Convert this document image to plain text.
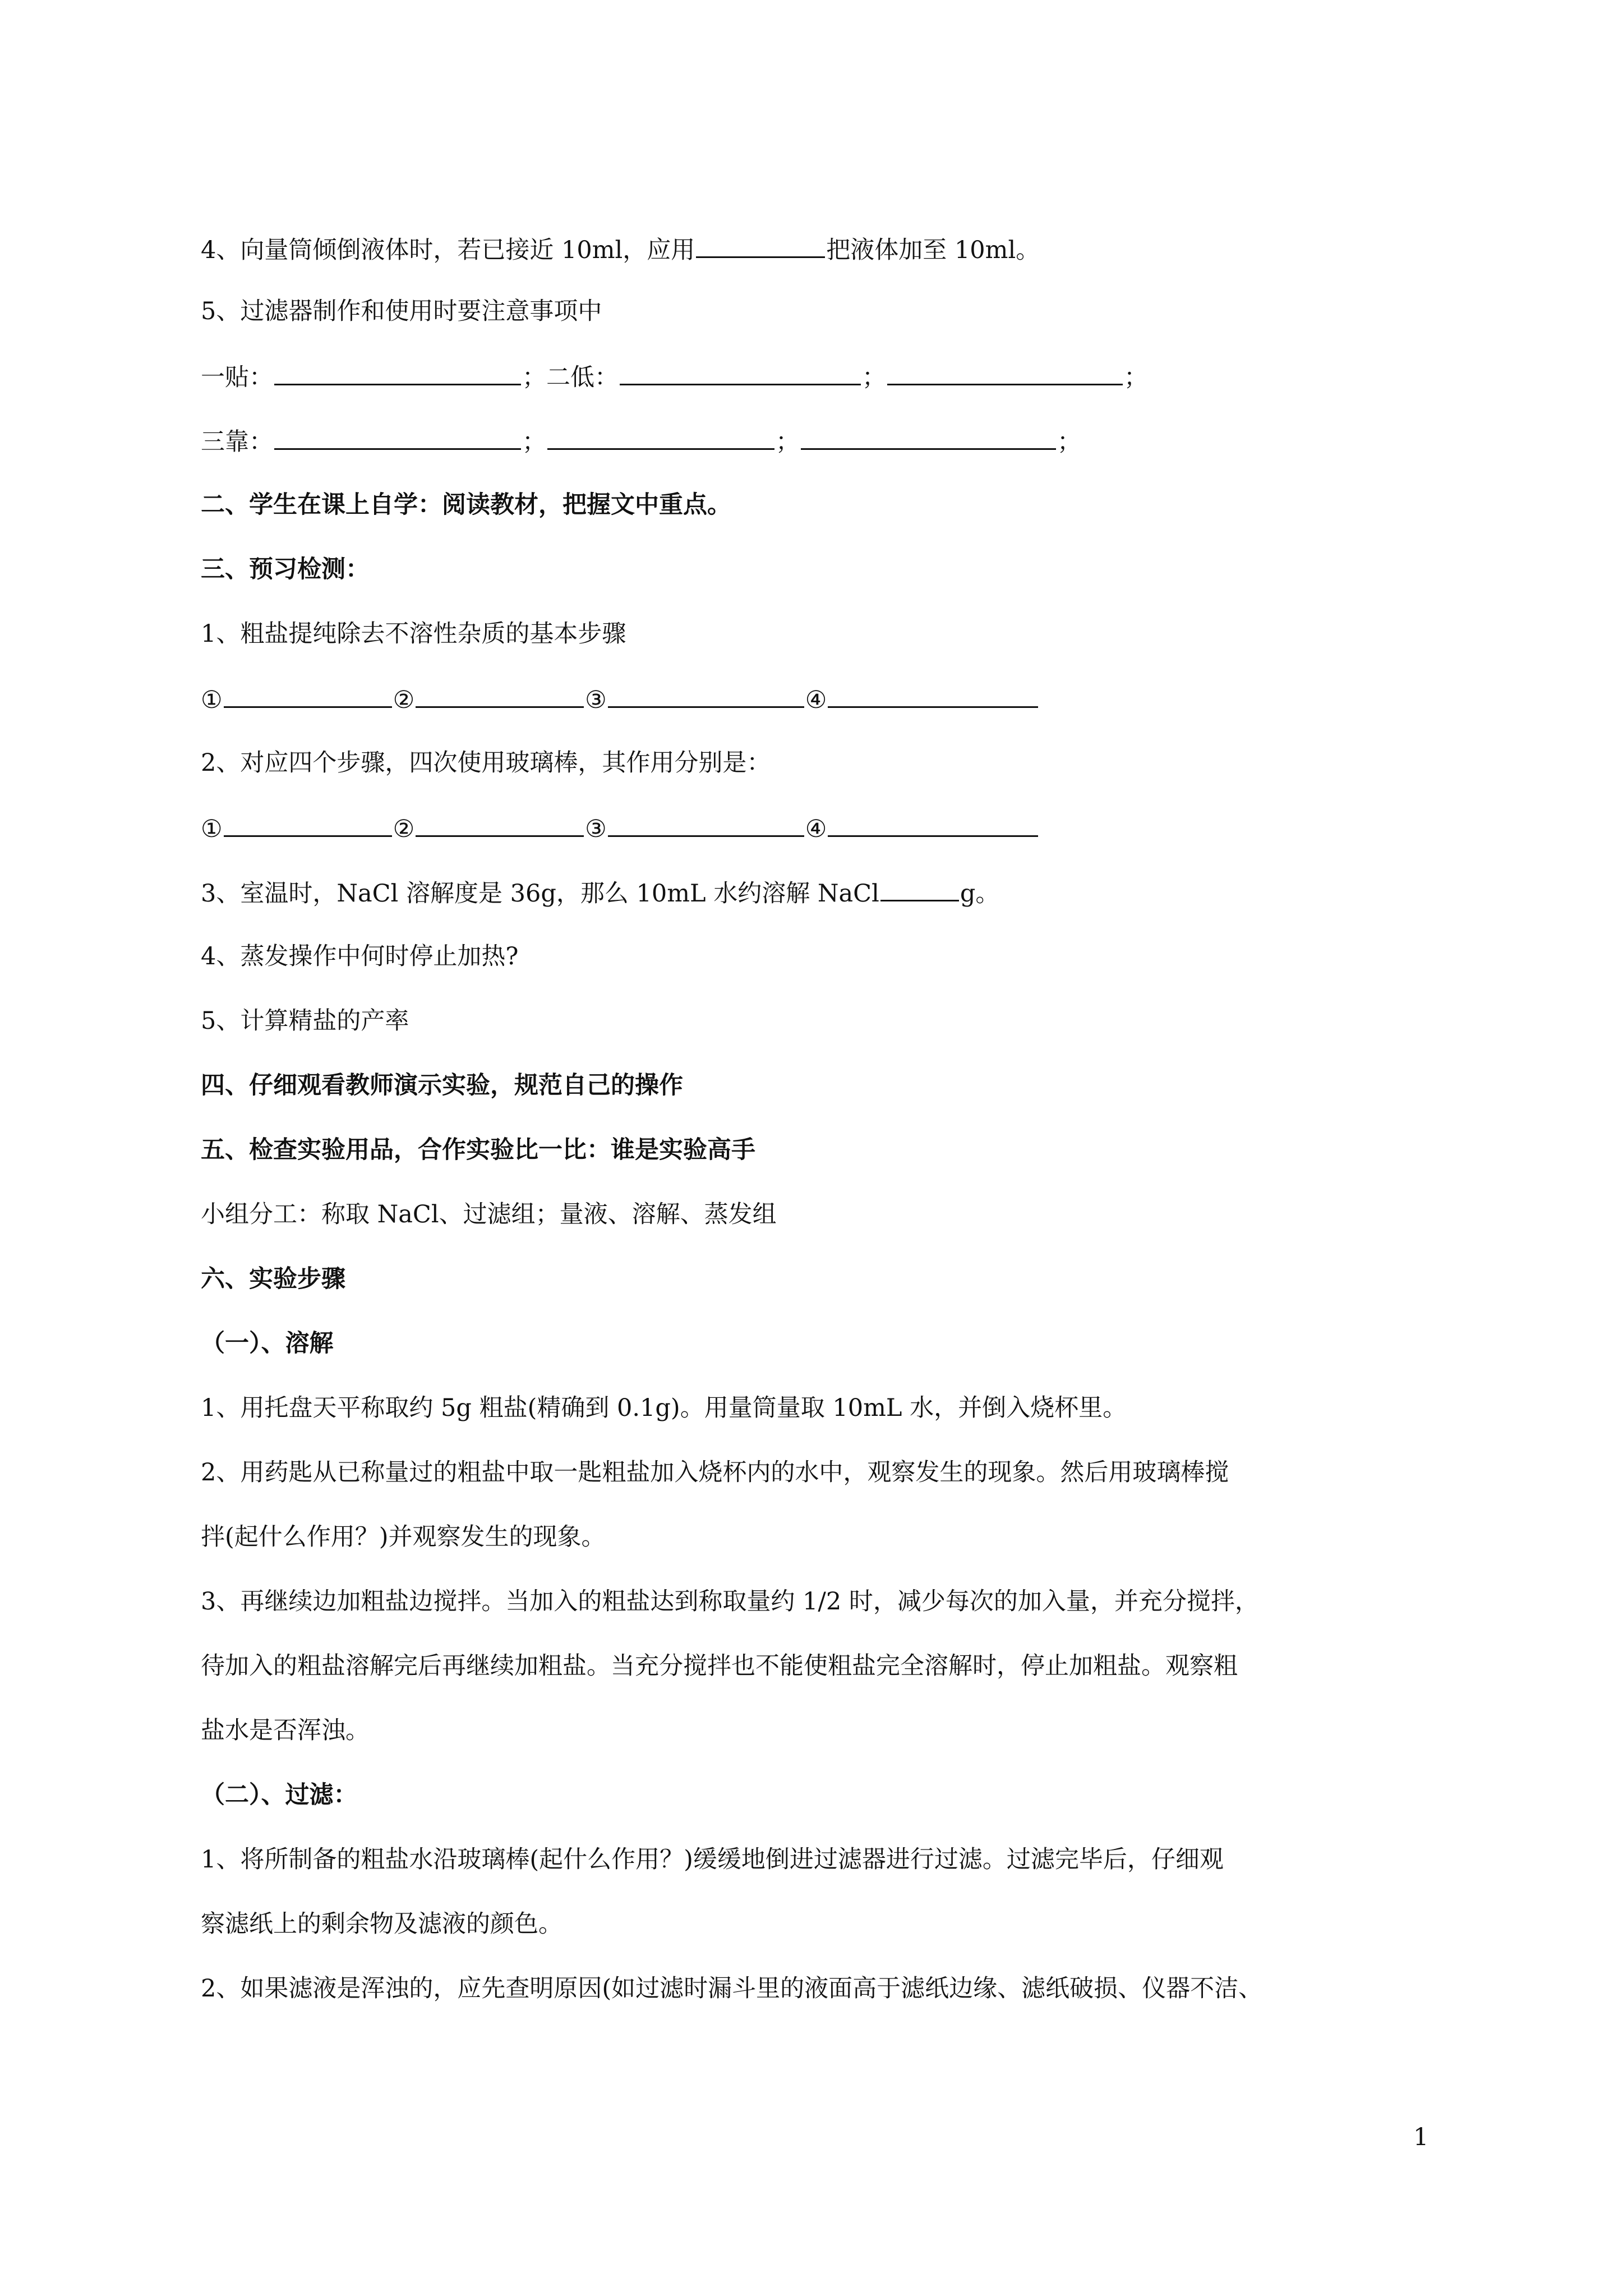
4、向量筒倾倒液体时，若已接近 10ml，应用	把液体加至 10ml。
5、过滤器制作和使用时要注意事项中
一贴：	；二低：	；	；
三靠：	；	；	；
二、学生在课上自学：阅读教材，把握文中重点。
三、预习检测：
1、粗盐提纯除去不溶性杂质的基本步骤
①	②	③	④
2、对应四个步骤，四次使用玻璃棒，其作用分别是：
①	②	③	④
3、室温时，NaCl 溶解度是 36g，那么 10mL 水约溶解 NaCl	g。
4、蒸发操作中何时停止加热?
5、计算精盐的产率
四、仔细观看教师演示实验，规范自己的操作
五、检查实验用品，合作实验比一比：谁是实验高手
小组分工：称取 NaCl、过滤组；量液、溶解、蒸发组
六、实验步骤
（一）、溶解
1、用托盘天平称取约 5g 粗盐(精确到 0.1g)。用量筒量取 10mL 水，并倒入烧杯里。
2、用药匙从已称量过的粗盐中取一匙粗盐加入烧杯内的水中，观察发生的现象。然后用玻璃棒搅
拌(起什么作用？)并观察发生的现象。
3、再继续边加粗盐边搅拌。当加入的粗盐达到称取量约 1/2 时，减少每次的加入量，并充分搅拌，
待加入的粗盐溶解完后再继续加粗盐。当充分搅拌也不能使粗盐完全溶解时，停止加粗盐。观察粗
盐水是否浑浊。
（二）、过滤：
1、将所制备的粗盐水沿玻璃棒(起什么作用？)缓缓地倒进过滤器进行过滤。过滤完毕后，仔细观
察滤纸上的剩余物及滤液的颜色。
2、如果滤液是浑浊的，应先查明原因(如过滤时漏斗里的液面高于滤纸边缘、滤纸破损、仪器不洁、
1
